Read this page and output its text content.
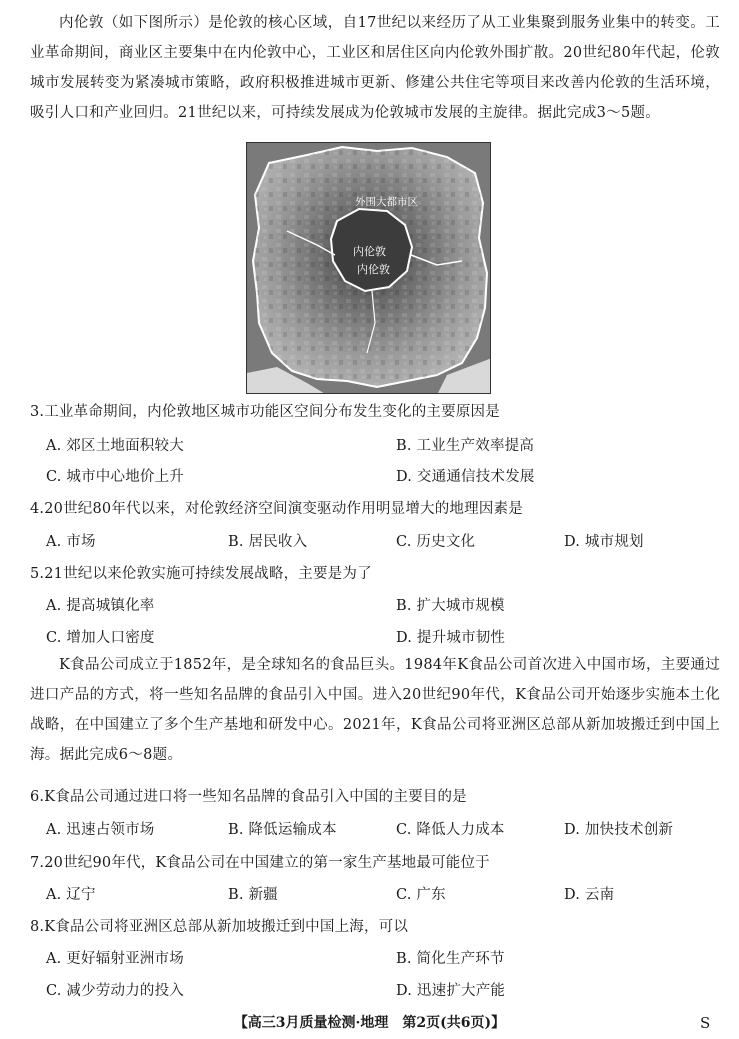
内伦敦（如下图所示）是伦敦的核心区域，自17世纪以来经历了从工业集聚到服务业集中的转变。工业革命期间，商业区主要集中在内伦敦中心，工业区和居住区向内伦敦外围扩散。20世纪80年代起，伦敦城市发展转变为紧凑城市策略，政府积极推进城市更新、修建公共住宅等项目来改善内伦敦的生活环境，吸引人口和产业回归。21世纪以来，可持续发展成为伦敦城市发展的主旋律。据此完成3～5题。

外围大都市区
内伦敦
内伦敦
3.工业革命期间，内伦敦地区城市功能区空间分布发生变化的主要原因是
A. 郊区土地面积较大	B. 工业生产效率提高
C. 城市中心地价上升	D. 交通通信技术发展
4.20世纪80年代以来，对伦敦经济空间演变驱动作用明显增大的地理因素是
A. 市场	B. 居民收入	C. 历史文化	D. 城市规划
5.21世纪以来伦敦实施可持续发展战略，主要是为了
A. 提高城镇化率	B. 扩大城市规模
C. 增加人口密度	D. 提升城市韧性

K食品公司成立于1852年，是全球知名的食品巨头。1984年K食品公司首次进入中国市场，主要通过进口产品的方式，将一些知名品牌的食品引入中国。进入20世纪90年代，K食品公司开始逐步实施本土化战略，在中国建立了多个生产基地和研发中心。2021年，K食品公司将亚洲区总部从新加坡搬迁到中国上海。据此完成6～8题。

6.K食品公司通过进口将一些知名品牌的食品引入中国的主要目的是
A. 迅速占领市场	B. 降低运输成本	C. 降低人力成本	D. 加快技术创新
7.20世纪90年代，K食品公司在中国建立的第一家生产基地最可能位于
A. 辽宁	B. 新疆	C. 广东	D. 云南
8.K食品公司将亚洲区总部从新加坡搬迁到中国上海，可以
A. 更好辐射亚洲市场	B. 简化生产环节
C. 减少劳动力的投入	D. 迅速扩大产能
【高三3月质量检测·地理　第2页(共6页)】	S
